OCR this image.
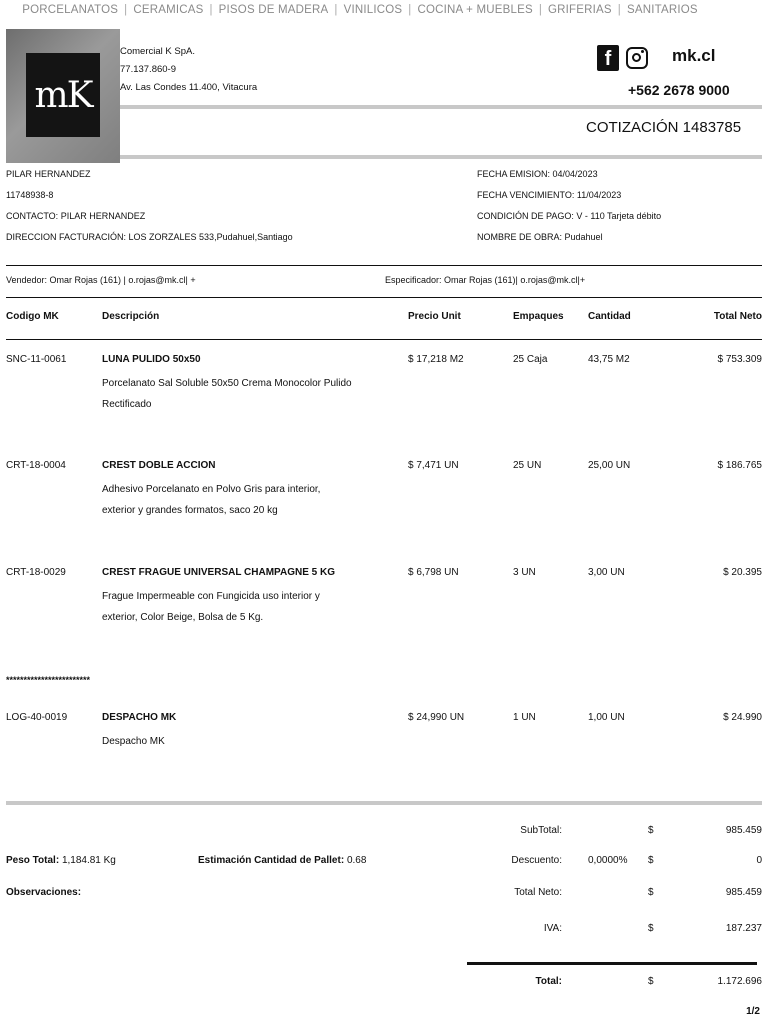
PORCELANATOS | CERAMICAS | PISOS DE MADERA | VINILICOS | COCINA + MUEBLES | GRIFERIAS | SANITARIOS
mK
Comercial K SpA.
77.137.860-9
Av. Las Condes 11.400, Vitacura
f	mk.cl
+562 2678 9000
COTIZACIÓN 1483785
PILAR HERNANDEZ
11748938-8
CONTACTO: PILAR HERNANDEZ
DIRECCION FACTURACIÓN: LOS ZORZALES 533,Pudahuel,Santiago
FECHA EMISION: 04/04/2023
FECHA VENCIMIENTO: 11/04/2023
CONDICIÓN DE PAGO: V - 110 Tarjeta débito
NOMBRE DE OBRA: Pudahuel
Vendedor: Omar Rojas (161) | o.rojas@mk.cl| +	Especificador: Omar Rojas (161)| o.rojas@mk.cl|+
Codigo MK	Descripción	Precio Unit	Empaques Cantidad	Total Neto
SNC-11-0061	LUNA PULIDO 50x50
Porcelanato Sal Soluble 50x50 Crema Monocolor Pulido
Rectificado
$ 17,218 M2	25 Caja	43,75 M2	$ 753.309
CRT-18-0004	CREST DOBLE ACCION
Adhesivo Porcelanato en Polvo Gris para interior,
exterior y grandes formatos, saco 20 kg
$ 7,471 UN	25 UN	25,00 UN	$ 186.765
CRT-18-0029	CREST FRAGUE UNIVERSAL CHAMPAGNE 5 KG
Frague Impermeable con Fungicida uso interior y
exterior, Color Beige, Bolsa de 5 Kg.
$ 6,798 UN	3 UN	3,00 UN	$ 20.395
************************
LOG-40-0019	DESPACHO MK
Despacho MK
$ 24,990 UN	1 UN	1,00 UN	$ 24.990
Peso Total: 1,184.81 Kg	Estimación Cantidad de Pallet: 0.68
Observaciones:
SubTotal:	$	985.459
Descuento:	0,0000% $	0
Total Neto:	$	985.459
IVA:	$	187.237
Total:	$	1.172.696
1/2
